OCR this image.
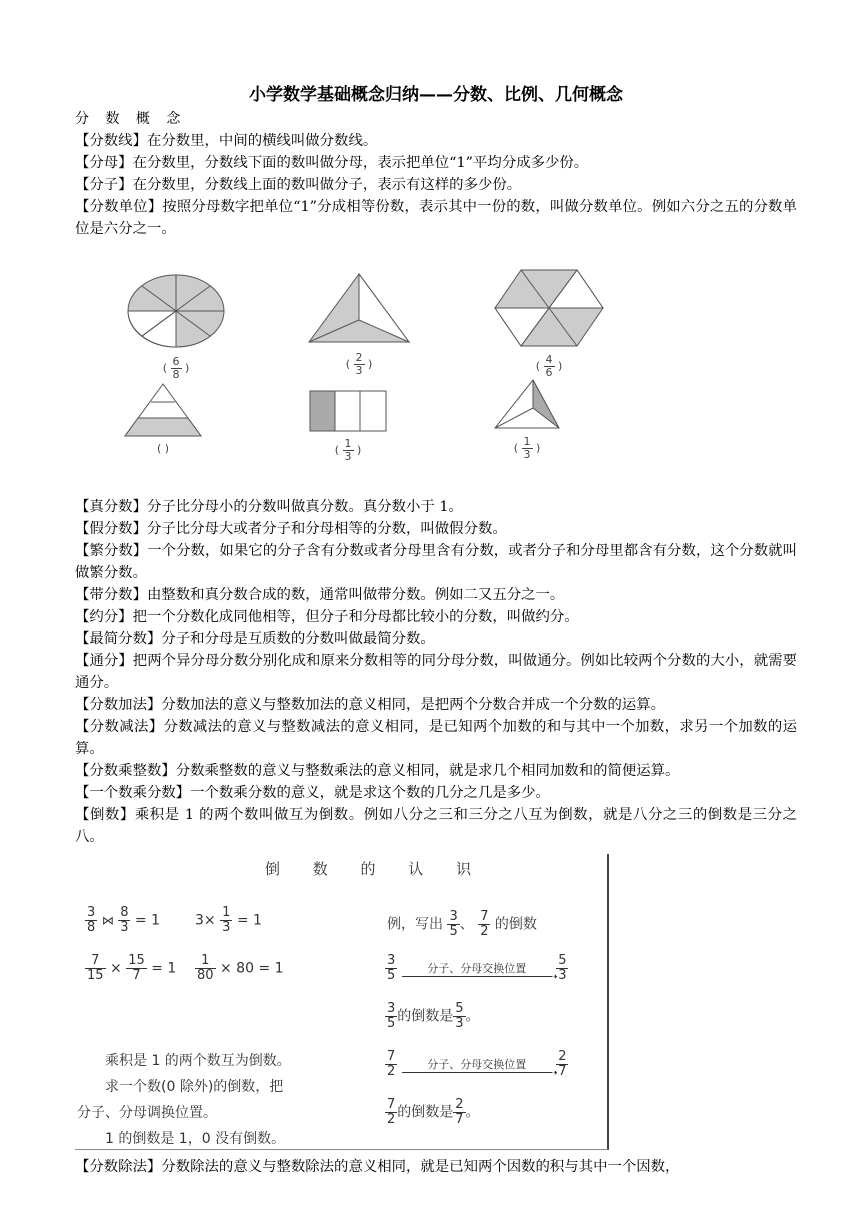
小学数学基础概念归纳——分数、比例、几何概念

分 数 概 念

【分数线】在分数里，中间的横线叫做分数线。

【分母】在分数里，分数线下面的数叫做分母，表示把单位“1”平均分成多少份。

【分子】在分数里，分数线上面的数叫做分子，表示有这样的多少份。

【分数单位】按照分母数字把单位“1”分成相等份数，表示其中一份的数，叫做分数单位。例如六分之五的分数单位是六分之一。

( $\frac{6}{8}$ )	( $\frac{2}{3}$ )	( $\frac{4}{6}$ )
( )	( $\frac{1}{3}$ )	( $\frac{1}{3}$ )

【真分数】分子比分母小的分数叫做真分数。真分数小于 1。

【假分数】分子比分母大或者分子和分母相等的分数，叫做假分数。

【繁分数】一个分数，如果它的分子含有分数或者分母里含有分数，或者分子和分母里都含有分数，这个分数就叫做繁分数。

【带分数】由整数和真分数合成的数，通常叫做带分数。例如二又五分之一。

【约分】把一个分数化成同他相等，但分子和分母都比较小的分数，叫做约分。

【最简分数】分子和分母是互质数的分数叫做最简分数。

【通分】把两个异分母分数分别化成和原来分数相等的同分母分数，叫做通分。例如比较两个分数的大小，就需要通分。

【分数加法】分数加法的意义与整数加法的意义相同，是把两个分数合并成一个分数的运算。

【分数减法】分数减法的意义与整数减法的意义相同，是已知两个加数的和与其中一个加数，求另一个加数的运算。

【分数乘整数】分数乘整数的意义与整数乘法的意义相同，就是求几个相同加数和的简便运算。

【一个数乘分数】一个数乘分数的意义，就是求这个数的几分之几是多少。

【倒数】乘积是 1 的两个数叫做互为倒数。例如八分之三和三分之八互为倒数，就是八分之三的倒数是三分之八。

倒 数 的 认 识
$\frac{3}{8}$ ⋈ $\frac{8}{3} = 1$ $3\times \frac{1}{3} = 1$
$\frac{7}{15} \times \frac{15}{7} = 1 \frac{1}{80} \times 80 = 1$
乘积是 1 的两个数互为倒数。
求一个数(0 除外)的倒数，把
分子、分母调换位置。
1 的倒数是 1，0 没有倒数。
例，写出 $\frac{3}{5}$ 、 $\frac{7}{2}$ 的倒数
$\frac{3}{5}$	分子、分母交换位置
➝

$\frac{5}{3}$
$\frac{3}{5}$ 的倒数是 $\frac{5}{3}$ 。
$\frac{7}{2}$	分子、分母交换位置
➝

$\frac{2}{7}$
$\frac{7}{2}$ 的倒数是 $\frac{2}{7}$ 。

【分数除法】分数除法的意义与整数除法的意义相同，就是已知两个因数的积与其中一个因数，
